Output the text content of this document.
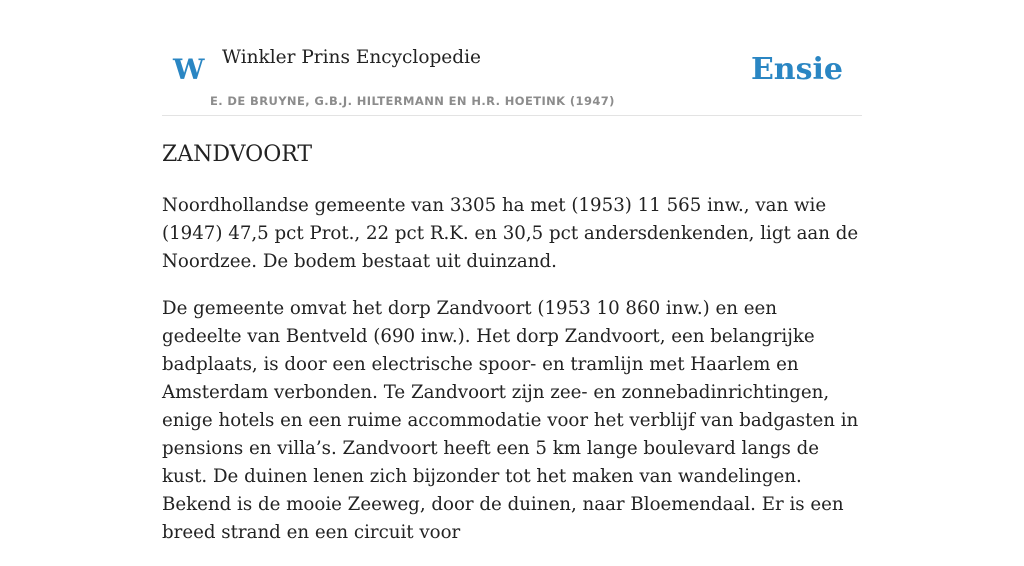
W Winkler Prins Encyclopedie
E. DE BRUYNE, G.B.J. HILTERMANN EN H.R. HOETINK (1947)
Ensie
ZANDVOORT

Noordhollandse gemeente van 3305 ha met (1953) 11 565 inw., van wie (1947) 47,5 pct Prot., 22 pct R.K. en 30,5 pct andersdenkenden, ligt aan de Noordzee. De bodem bestaat uit duinzand.

De gemeente omvat het dorp Zandvoort (1953 10 860 inw.) en een gedeelte van Bentveld (690 inw.). Het dorp Zandvoort, een belangrijke badplaats, is door een electrische spoor- en tramlijn met Haarlem en Amsterdam verbonden. Te Zandvoort zijn zee- en zonnebadinrichtingen, enige hotels en een ruime accommodatie voor het verblijf van badgasten in pensions en villa’s. Zandvoort heeft een 5 km lange boulevard langs de kust. De duinen lenen zich bijzonder tot het maken van wandelingen. Bekend is de mooie Zeeweg, door de duinen, naar Bloemendaal. Er is een breed strand en een circuit voor
